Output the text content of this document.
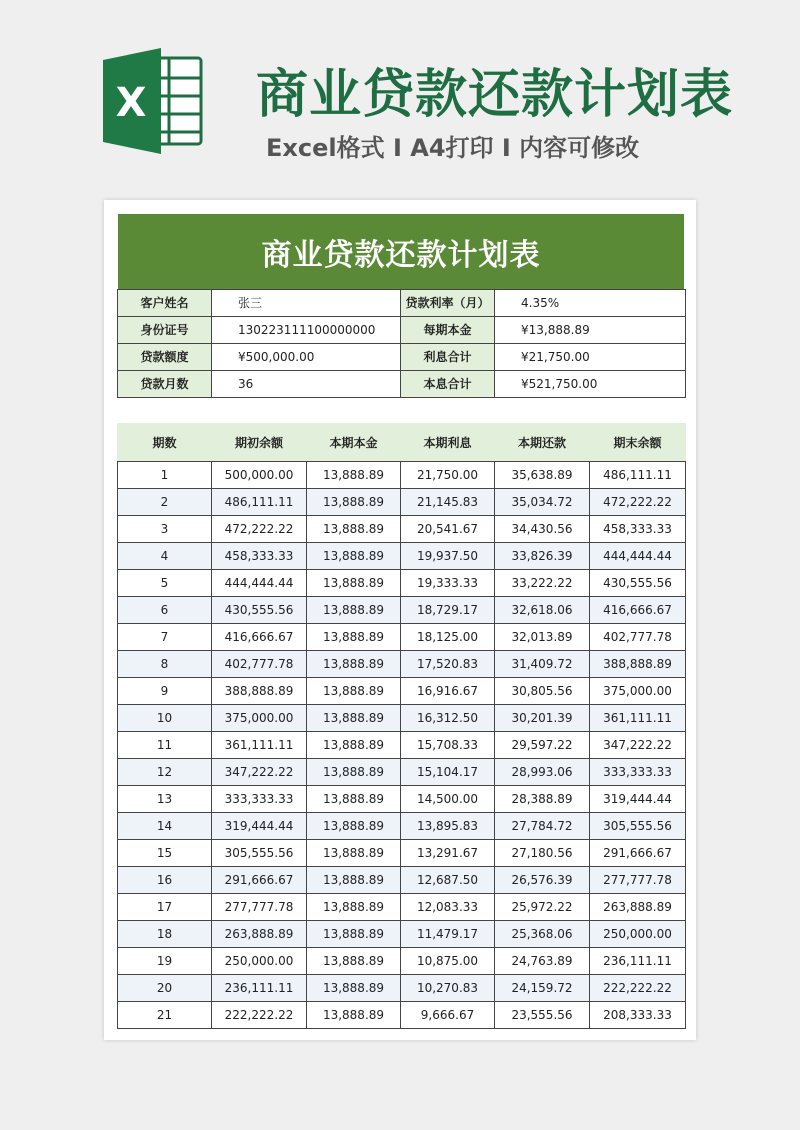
X 商业贷款还款计划表
Excel格式 I A4打印 I 内容可修改
商业贷款还款计划表
客户姓名	张三	贷款利率（月）	4.35%
身份证号	130223111100000000	每期本金	¥13,888.89
贷款额度	¥500,000.00	利息合计	¥21,750.00
贷款月数	36	本息合计	¥521,750.00
期数	期初余额	本期本金	本期利息	本期还款	期末余额
1	500,000.00	13,888.89	21,750.00	35,638.89	486,111.11
2	486,111.11	13,888.89	21,145.83	35,034.72	472,222.22
3	472,222.22	13,888.89	20,541.67	34,430.56	458,333.33
4	458,333.33	13,888.89	19,937.50	33,826.39	444,444.44
5	444,444.44	13,888.89	19,333.33	33,222.22	430,555.56
6	430,555.56	13,888.89	18,729.17	32,618.06	416,666.67
7	416,666.67	13,888.89	18,125.00	32,013.89	402,777.78
8	402,777.78	13,888.89	17,520.83	31,409.72	388,888.89
9	388,888.89	13,888.89	16,916.67	30,805.56	375,000.00
10	375,000.00	13,888.89	16,312.50	30,201.39	361,111.11
11	361,111.11	13,888.89	15,708.33	29,597.22	347,222.22
12	347,222.22	13,888.89	15,104.17	28,993.06	333,333.33
13	333,333.33	13,888.89	14,500.00	28,388.89	319,444.44
14	319,444.44	13,888.89	13,895.83	27,784.72	305,555.56
15	305,555.56	13,888.89	13,291.67	27,180.56	291,666.67
16	291,666.67	13,888.89	12,687.50	26,576.39	277,777.78
17	277,777.78	13,888.89	12,083.33	25,972.22	263,888.89
18	263,888.89	13,888.89	11,479.17	25,368.06	250,000.00
19	250,000.00	13,888.89	10,875.00	24,763.89	236,111.11
20	236,111.11	13,888.89	10,270.83	24,159.72	222,222.22
21	222,222.22	13,888.89	9,666.67	23,555.56	208,333.33
